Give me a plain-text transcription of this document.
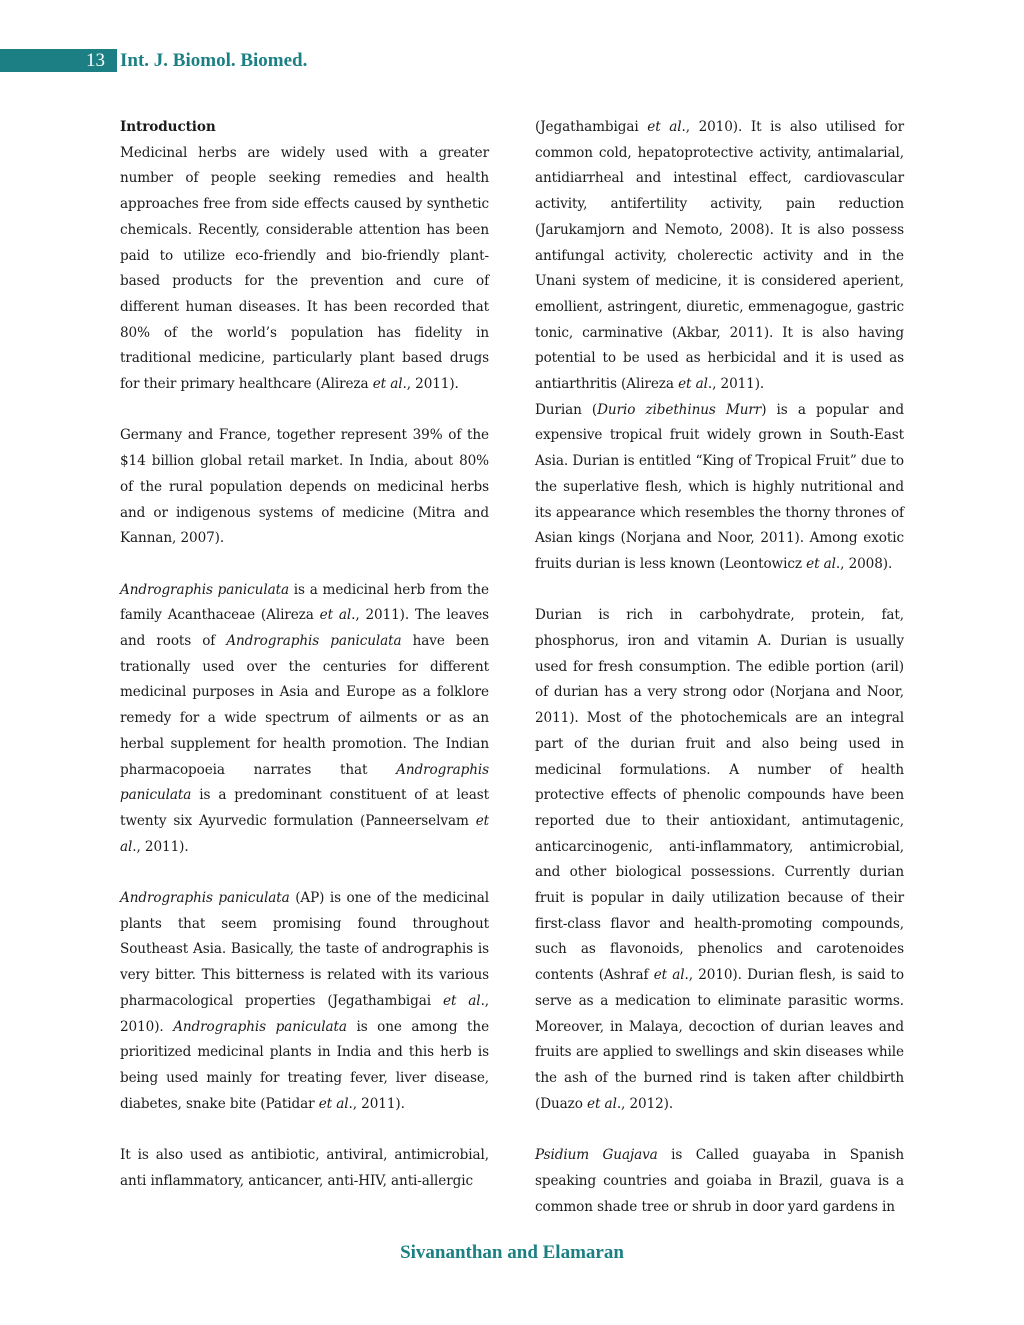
13 Int. J. Biomol. Biomed.
Introduction

Medicinal herbs are widely used with a greater number of people seeking remedies and health approaches free from side effects caused by synthetic chemicals. Recently, considerable attention has been paid to utilize eco-friendly and bio-friendly plant-based products for the prevention and cure of different human diseases. It has been recorded that 80% of the world’s population has fidelity in traditional medicine, particularly plant based drugs for their primary healthcare (Alireza et al., 2011).

Germany and France, together represent 39% of the $14 billion global retail market. In India, about 80% of the rural population depends on medicinal herbs and or indigenous systems of medicine (Mitra and Kannan, 2007).

Andrographis paniculata is a medicinal herb from the family Acanthaceae (Alireza et al., 2011). The leaves and roots of Andrographis paniculata have been trationally used over the centuries for different medicinal purposes in Asia and Europe as a folklore remedy for a wide spectrum of ailments or as an herbal supplement for health promotion. The Indian pharmacopoeia narrates that Andrographis paniculata is a predominant constituent of at least twenty six Ayurvedic formulation (Panneerselvam et al., 2011).

Andrographis paniculata (AP) is one of the medicinal plants that seem promising found throughout Southeast Asia. Basically, the taste of andrographis is very bitter. This bitterness is related with its various pharmacological properties (Jegathambigai et al., 2010). Andrographis paniculata is one among the prioritized medicinal plants in India and this herb is being used mainly for treating fever, liver disease, diabetes, snake bite (Patidar et al., 2011).

It is also used as antibiotic, antiviral, antimicrobial, anti inflammatory, anticancer, anti-HIV, anti-allergic

(Jegathambigai et al., 2010). It is also utilised for common cold, hepatoprotective activity, antimalarial, antidiarrheal and intestinal effect, cardiovascular activity, antifertility activity, pain reduction (Jarukamjorn and Nemoto, 2008). It is also possess antifungal activity, cholerectic activity and in the Unani system of medicine, it is considered aperient, emollient, astringent, diuretic, emmenagogue, gastric tonic, carminative (Akbar, 2011). It is also having potential to be used as herbicidal and it is used as antiarthritis (Alireza et al., 2011).

Durian (Durio zibethinus Murr) is a popular and expensive tropical fruit widely grown in South-East Asia. Durian is entitled “King of Tropical Fruit” due to the superlative flesh, which is highly nutritional and its appearance which resembles the thorny thrones of Asian kings (Norjana and Noor, 2011). Among exotic fruits durian is less known (Leontowicz et al., 2008).

Durian is rich in carbohydrate, protein, fat, phosphorus, iron and vitamin A. Durian is usually used for fresh consumption. The edible portion (aril) of durian has a very strong odor (Norjana and Noor, 2011). Most of the photochemicals are an integral part of the durian fruit and also being used in medicinal formulations. A number of health protective effects of phenolic compounds have been reported due to their antioxidant, antimutagenic, anticarcinogenic, anti-inflammatory, antimicrobial, and other biological possessions. Currently durian fruit is popular in daily utilization because of their first-class flavor and health-promoting compounds, such as flavonoids, phenolics and carotenoides contents (Ashraf et al., 2010). Durian flesh, is said to serve as a medication to eliminate parasitic worms. Moreover, in Malaya, decoction of durian leaves and fruits are applied to swellings and skin diseases while the ash of the burned rind is taken after childbirth (Duazo et al., 2012).

Psidium Guajava is Called guayaba in Spanish speaking countries and goiaba in Brazil, guava is a common shade tree or shrub in door yard gardens in

Sivananthan and Elamaran
